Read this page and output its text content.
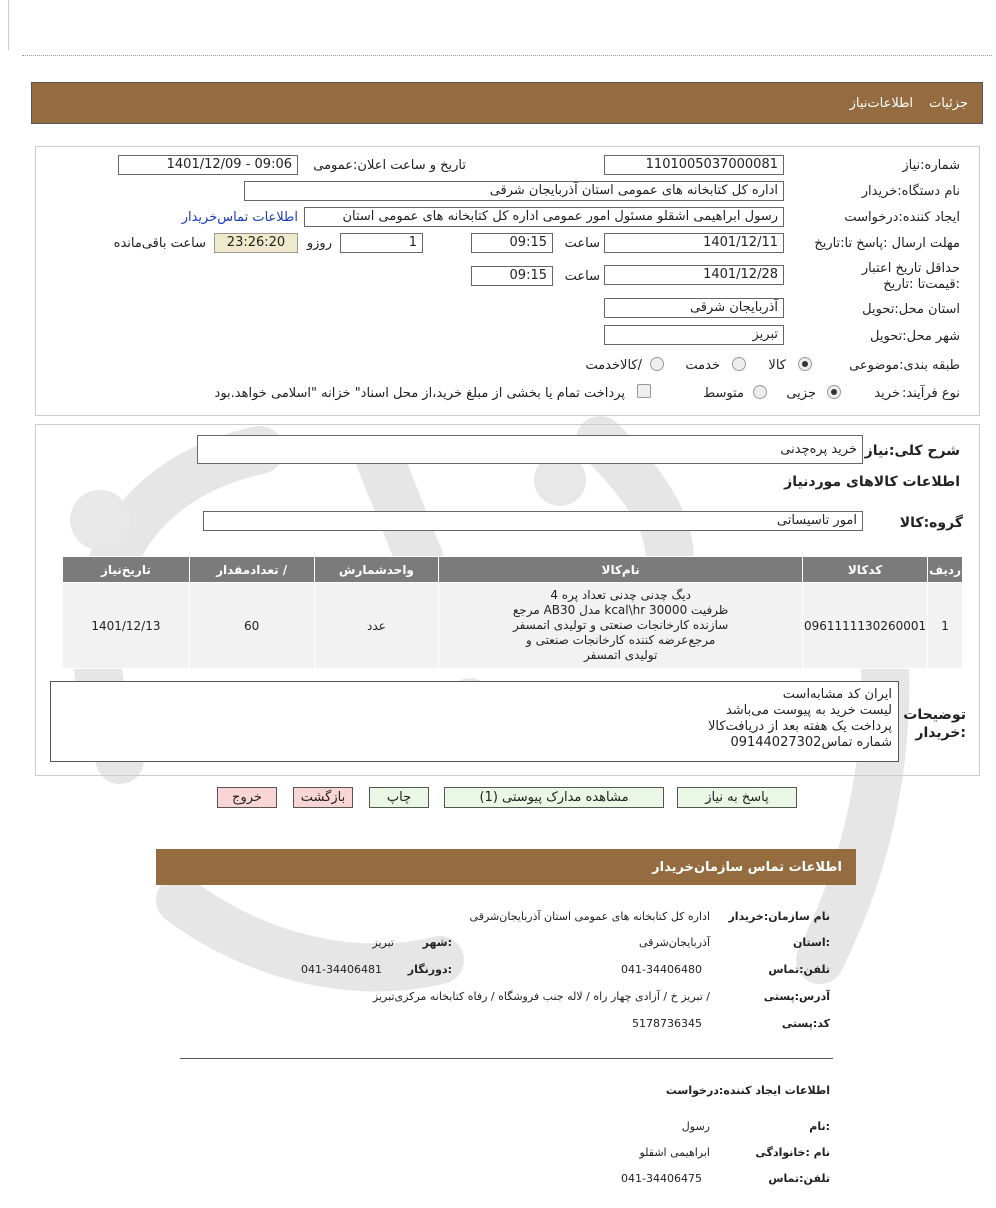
جزئیات
اطلاعات‌نیاز
شماره:نیاز
1101005037000081
تاریخ و ساعت اعلان:عمومی
1401/12/09 - 09:06
نام دستگاه:خریدار
اداره کل کتابخانه های عمومی استان آذربایجان شرقی
ایجاد کننده:درخواست
رسول ابراهیمی اشقلو مسئول امور عمومی اداره کل کتابخانه های عمومی استان
اطلاعات تماس‌خریدار
مهلت ارسال :پاسخ تا:تاریخ
1401/12/11
ساعت
09:15
1
روزو
23:26:20
ساعت باقی‌مانده
حداقل تاریخ اعتبار :قیمت‌تا :تاریخ
1401/12/28
ساعت
09:15
استان محل:تحویل
آذربایجان شرقی
شهر محل:تحویل
تبریز
طبقه بندی:موضوعی
کالا
خدمت
/کالاخدمت
نوع فرآیند:
خرید
جزیی
متوسط
پرداخت تمام یا بخشی از مبلغ خرید،از محل اسناد" خزانه "اسلامی خواهد.بود
شرح کلی:نیاز
خرید پره‌چدنی
اطلاعات کالاهای موردنیاز
گروه:کالا
امور تاسیساتی
ردیف	کدکالا	نام‌کالا	واحدشمارش	/ تعدادمقدار	تاریخ‌نیاز
1	0961111130260001	دیگ چدنی چدنی تعداد پره 4
ظرفیت 30000 kcal\hr مدل AB30 مرجع
سازنده کارخانجات صنعتی و تولیدی اتمسفر
مرجع‌عرضه کننده کارخانجات صنعتی و
تولیدی اتمسفر	عدد	60	1401/12/13
توضیحات :خریدار
ایران کد مشابه‌است
لیست خرید به پیوست می‌باشد
پرداخت یک هفته بعد از دریافت‌کالا
شماره تماس09144027302
پاسخ به نیاز
مشاهده مدارک پیوستی (1)
چاپ
بازگشت
خروج
اطلاعات تماس سازمان‌خریدار
نام سازمان:خریدار
اداره کل کتابخانه های عمومی استان آذربایجان‌شرقی
:استان
آذربایجان‌شرقی
:شهر
تبریز
تلفن:تماس
041-34406480
:دورنگار
041-34406481
آدرس:پستی
/ تبریز خ / آزادی چهار راه / لاله جنب فروشگاه / رفاه کتابخانه مرکزی‌تبریز
کد:پستی
5178736345
اطلاعات ایجاد کننده:درخواست
:نام
رسول
نام :خانوادگی
ابراهیمی اشقلو
تلفن:تماس
041-34406475
